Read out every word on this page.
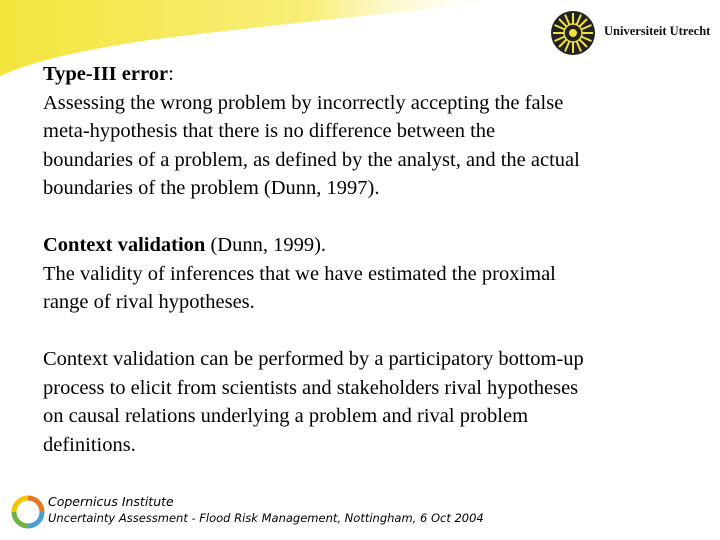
Universiteit Utrecht
Type-III error:
Assessing the wrong problem by incorrectly accepting the false
meta-hypothesis that there is no difference between the
boundaries of a problem, as defined by the analyst, and the actual
boundaries of the problem (Dunn, 1997).
Context validation (Dunn, 1999).
The validity of inferences that we have estimated the proximal
range of rival hypotheses.
Context validation can be performed by a participatory bottom-up
process to elicit from scientists and stakeholders rival hypotheses
on causal relations underlying a problem and rival problem
definitions.
Copernicus Institute
Uncertainty Assessment - Flood Risk Management, Nottingham, 6 Oct 2004
